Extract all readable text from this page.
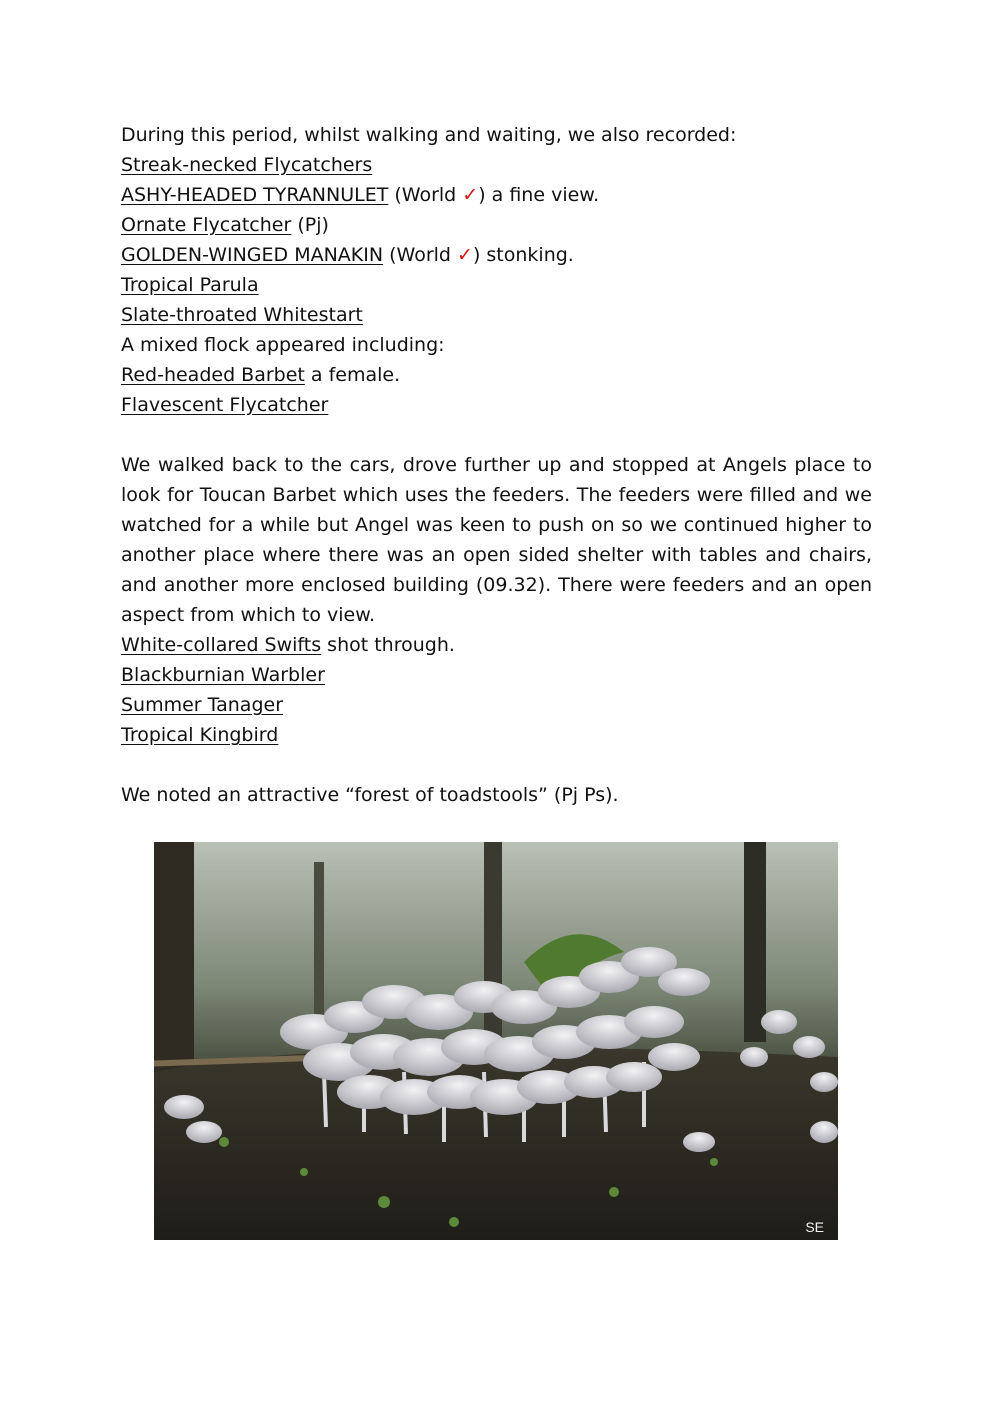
During this period, whilst walking and waiting, we also recorded:
Streak-necked Flycatchers
ASHY-HEADED TYRANNULET (World ✓) a fine view.
Ornate Flycatcher (Pj)
GOLDEN-WINGED MANAKIN (World ✓) stonking.
Tropical Parula
Slate-throated Whitestart
A mixed flock appeared including:
Red-headed Barbet a female.
Flavescent Flycatcher

We walked back to the cars, drove further up and stopped at Angels place to look for Toucan Barbet which uses the feeders. The feeders were filled and we watched for a while but Angel was keen to push on so we continued higher to another place where there was an open sided shelter with tables and chairs, and another more enclosed building (09.32). There were feeders and an open aspect from which to view.

White-collared Swifts shot through.
Blackburnian Warbler
Summer Tanager
Tropical Kingbird
We noted an attractive “forest of toadstools” (Pj Ps).
SE
